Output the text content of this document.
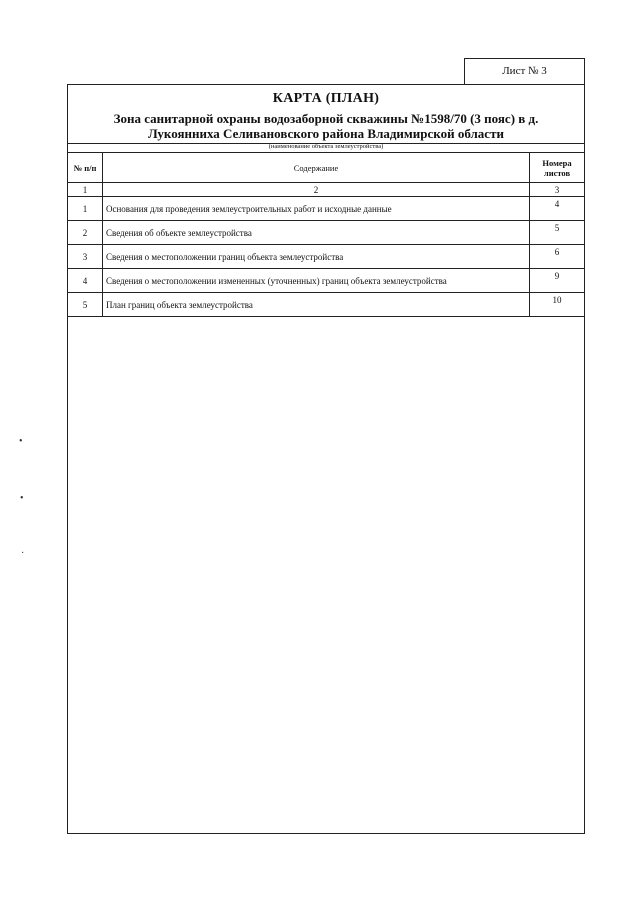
Лист № 3
КАРТА (ПЛАН)
Зона санитарной охраны водозаборной скважины №1598/70 (3 пояс) в д. Лукоянниха Селивановского района Владимирской области
(наименование объекта землеустройства)
№ п/п	Содержание	Номера листов
1	2	3
1	Основания для проведения землеустроительных работ и исходные данные	4
2	Сведения об объекте землеустройства	5
3	Сведения о местоположении границ объекта землеустройства	6
4	Сведения о местоположении измененных (уточненных) границ объекта землеустройства	9
5	План границ объекта землеустройства	10
•
•
·
